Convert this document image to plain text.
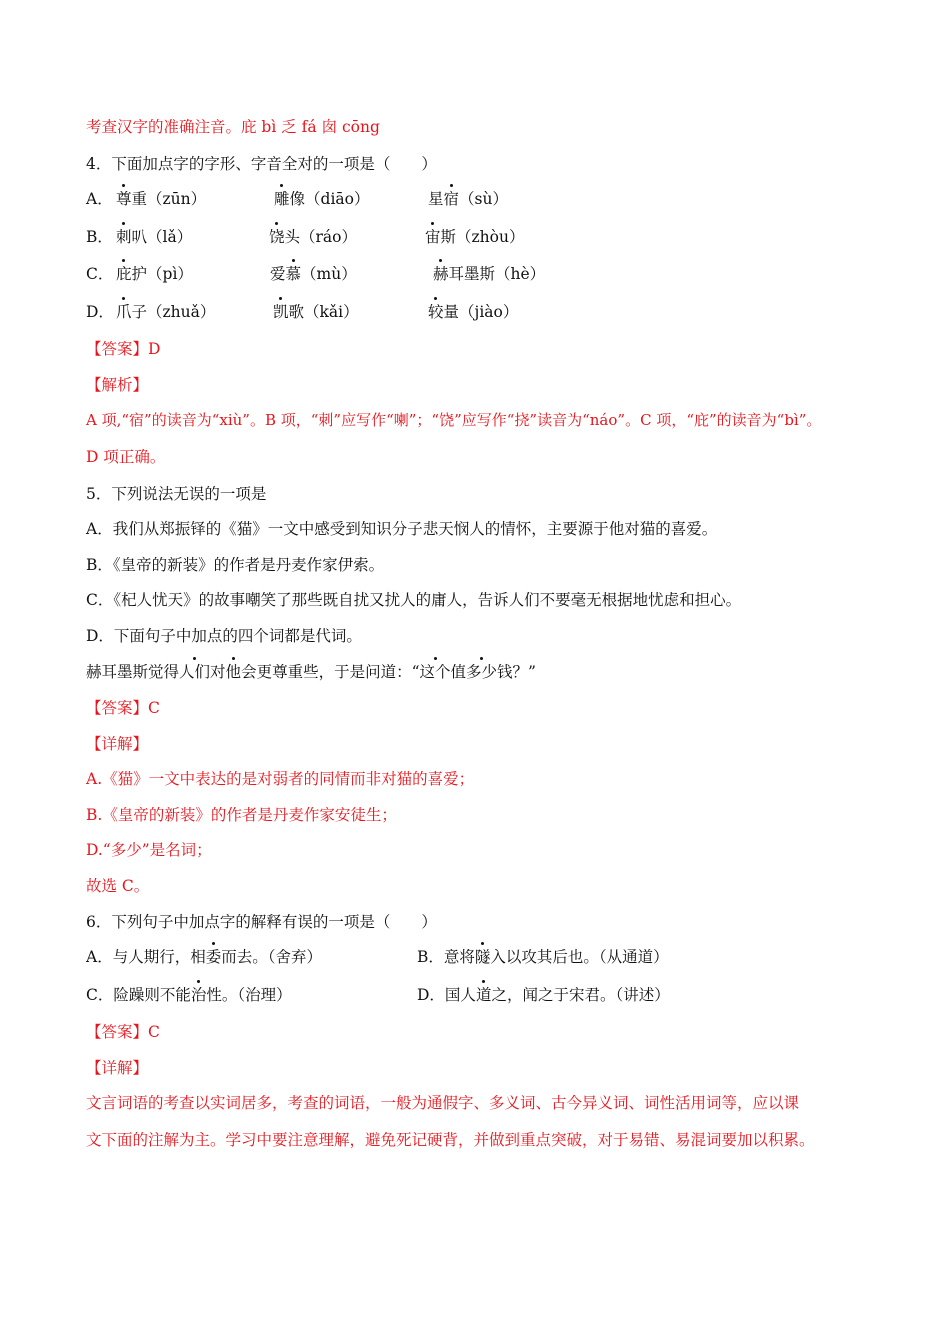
考查汉字的准确注音。庇 bì 乏 fá 囱 cōng
4．下面加点字的字形、字音全对的一项是（　　）
A． 尊重（zūn）	雕像（diāo）	星宿（sù）
B． 刺叭（lǎ）	饶头（ráo）	宙斯（zhòu）
C． 庇护（pì）	爱慕（mù）	赫耳墨斯（hè）
D． 爪子（zhuǎ）	凯歌（kǎi）	较量（jiào）
【答案】D
【解析】
A 项,“宿”的读音为“xiù”。B 项，“刺”应写作“喇”；“饶”应写作“挠”读音为“náo”。C 项，“庇”的读音为“bì”。
D 项正确。
5．下列说法无误的一项是
A．我们从郑振铎的《猫》一文中感受到知识分子悲天悯人的情怀，主要源于他对猫的喜爱。
B．《皇帝的新装》的作者是丹麦作家伊索。
C．《杞人忧天》的故事嘲笑了那些既自扰又扰人的庸人，告诉人们不要毫无根据地忧虑和担心。
D．下面句子中加点的四个词都是代词。
赫耳墨斯觉得人们对他会更尊重些，于是问道：“这个值多少钱？”
【答案】C
【详解】
A.《猫》一文中表达的是对弱者的同情而非对猫的喜爱；
B.《皇帝的新装》的作者是丹麦作家安徒生；
D.“多少”是名词；
故选 C。
6．下列句子中加点字的解释有误的一项是（　　）
A．与人期行，相委而去。（舍弃）	B．意将隧入以攻其后也。（从通道）
C．险躁则不能治性。（治理）	D．国人道之，闻之于宋君。（讲述）
【答案】C
【详解】
文言词语的考查以实词居多，考查的词语，一般为通假字、多义词、古今异义词、词性活用词等，应以课
文下面的注解为主。学习中要注意理解，避免死记硬背，并做到重点突破，对于易错、易混词要加以积累。
